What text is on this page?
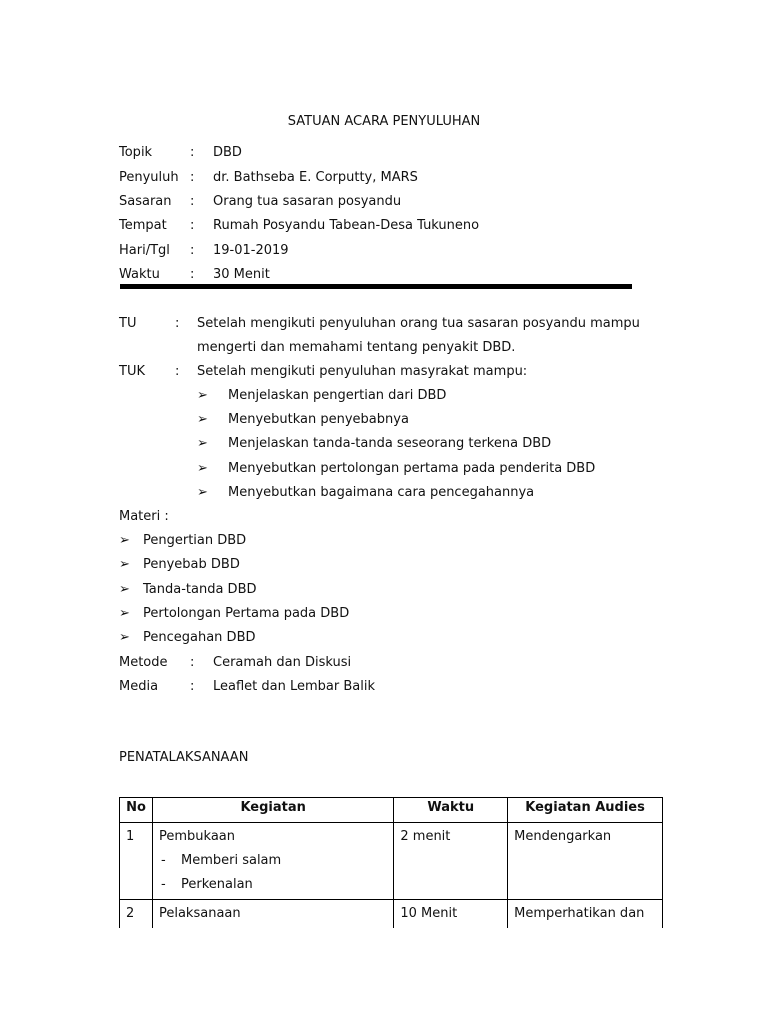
SATUAN ACARA PENYULUHAN
Topik	: DBD
Penyuluh : dr. Bathseba E. Corputty, MARS
Sasaran : Orang tua sasaran posyandu
Tempat : Rumah Posyandu Tabean-Desa Tukuneno
Hari/Tgl : 19-01-2019
Waktu : 30 Menit
TU	: Setelah mengikuti penyuluhan orang tua sasaran posyandu mampu
mengerti dan memahami tentang penyakit DBD.
TUK : Setelah mengikuti penyuluhan masyrakat mampu:
➢ Menjelaskan pengertian dari DBD
➢ Menyebutkan penyebabnya
➢ Menjelaskan tanda-tanda seseorang terkena DBD
➢ Menyebutkan pertolongan pertama pada penderita DBD
➢ Menyebutkan bagaimana cara pencegahannya
Materi :
➢ Pengertian DBD
➢ Penyebab DBD
➢ Tanda-tanda DBD
➢ Pertolongan Pertama pada DBD
➢ Pencegahan DBD
Metode : Ceramah dan Diskusi
Media : Leaflet dan Lembar Balik
PENATALAKSANAAN
No	Kegiatan	Waktu	Kegiatan Audies
1	Pembukaan
- Memberi salam
- Perkenalan	2 menit	Mendengarkan
2	Pelaksanaan	10 Menit	Memperhatikan dan
